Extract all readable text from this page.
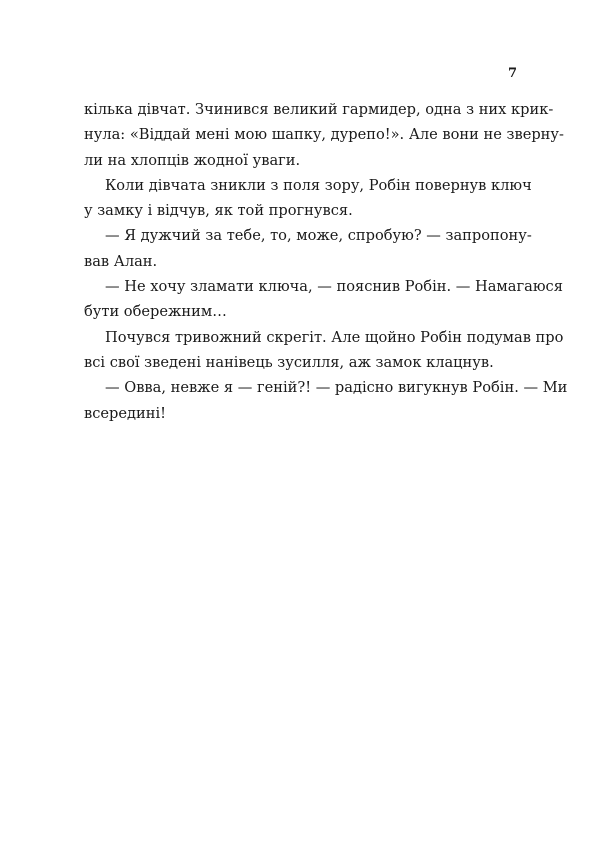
7
кілька дівчат. Зчинився великий гармидер, одна з них крик-
нула: «Віддай мені мою шапку, дурепо!». Але вони не зверну-
ли на хлопців жодної уваги.
Коли дівчата зникли з поля зору, Робін повернув ключ
у замку і відчув, як той прогнувся.
— Я дужчий за тебе, то, може, спробую? — запропону-
вав Алан.
— Не хочу зламати ключа, — пояснив Робін. — Намагаюся
бути обережним…
Почувся тривожний скрегіт. Але щойно Робін подумав про
всі свої зведені нанівець зусилля, аж замок клацнув.
— Овва, невже я — геній?! — радісно вигукнув Робін. — Ми
всередині!
